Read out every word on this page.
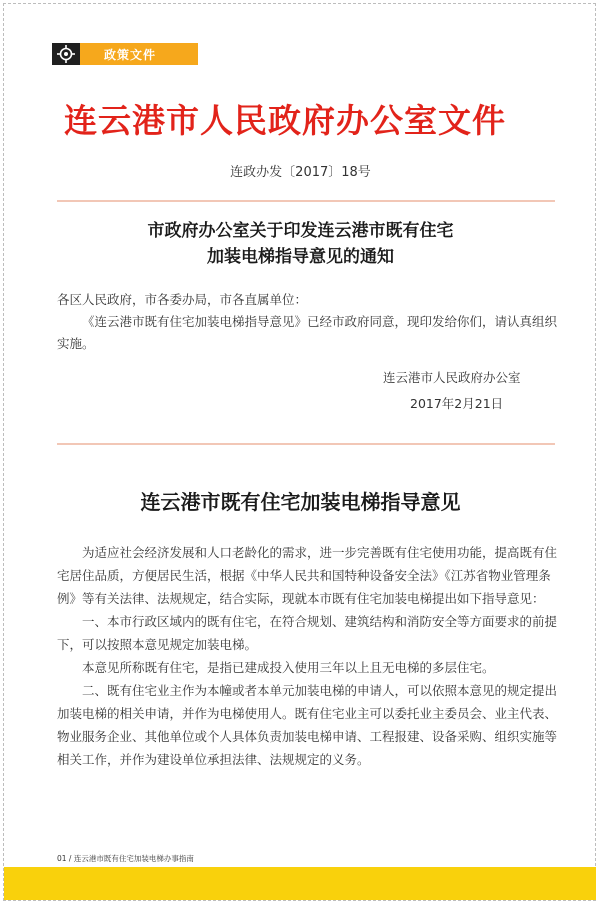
政策文件
连云港市人民政府办公室文件
连政办发〔2017〕18号
市政府办公室关于印发连云港市既有住宅
加装电梯指导意见的通知

各区人民政府，市各委办局，市各直属单位：

《连云港市既有住宅加装电梯指导意见》已经市政府同意，现印发给你们，请认真组织实施。

连云港市人民政府办公室
2017年2月21日
连云港市既有住宅加装电梯指导意见

为适应社会经济发展和人口老龄化的需求，进一步完善既有住宅使用功能，提高既有住宅居住品质，方便居民生活，根据《中华人民共和国特种设备安全法》《江苏省物业管理条例》等有关法律、法规规定，结合实际，现就本市既有住宅加装电梯提出如下指导意见：

一、本市行政区域内的既有住宅，在符合规划、建筑结构和消防安全等方面要求的前提下，可以按照本意见规定加装电梯。

本意见所称既有住宅，是指已建成投入使用三年以上且无电梯的多层住宅。

二、既有住宅业主作为本幢或者本单元加装电梯的申请人，可以依照本意见的规定提出加装电梯的相关申请，并作为电梯使用人。既有住宅业主可以委托业主委员会、业主代表、物业服务企业、其他单位或个人具体负责加装电梯申请、工程报建、设备采购、组织实施等相关工作，并作为建设单位承担法律、法规规定的义务。

01 / 连云港市既有住宅加装电梯办事指南
